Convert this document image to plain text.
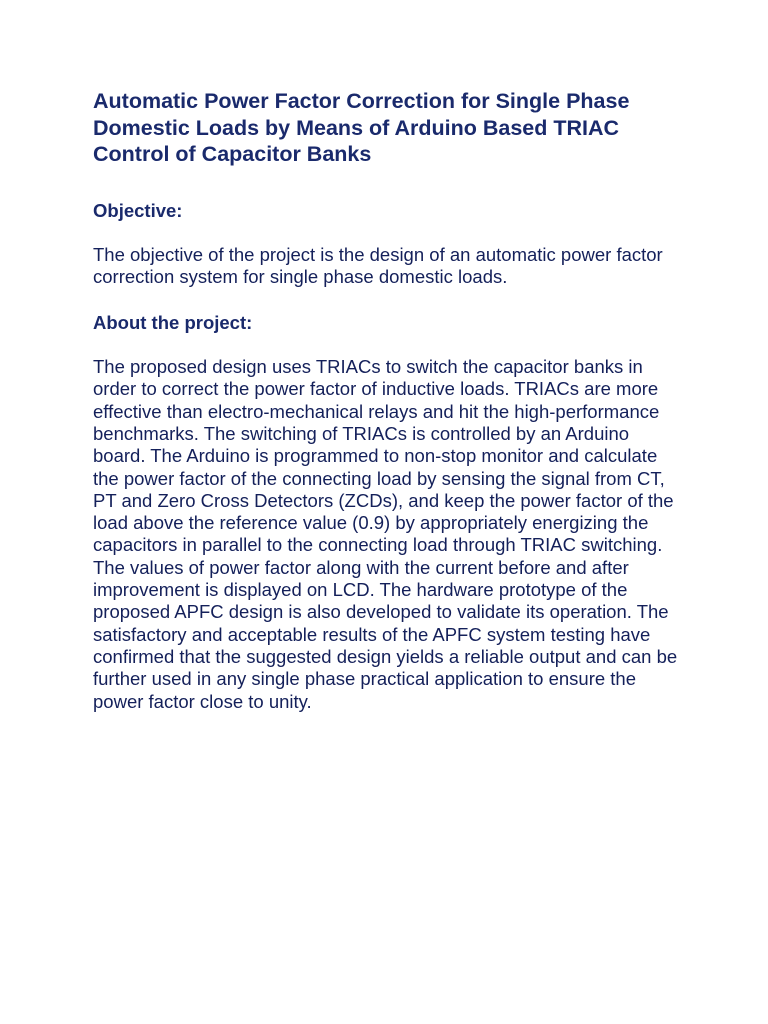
Automatic Power Factor Correction for Single Phase Domestic Loads by Means of Arduino Based TRIAC Control of Capacitor Banks
Objective:

The objective of the project is the design of an automatic power factor correction system for single phase domestic loads.

About the project:

The proposed design uses TRIACs to switch the capacitor banks in order to correct the power factor of inductive loads. TRIACs are more effective than electro-mechanical relays and hit the high-performance benchmarks. The switching of TRIACs is controlled by an Arduino board. The Arduino is programmed to non-stop monitor and calculate the power factor of the connecting load by sensing the signal from CT, PT and Zero Cross Detectors (ZCDs), and keep the power factor of the load above the reference value (0.9) by appropriately energizing the capacitors in parallel to the connecting load through TRIAC switching. The values of power factor along with the current before and after improvement is displayed on LCD. The hardware prototype of the proposed APFC design is also developed to validate its operation. The satisfactory and acceptable results of the APFC system testing have confirmed that the suggested design yields a reliable output and can be further used in any single phase practical application to ensure the power factor close to unity.
